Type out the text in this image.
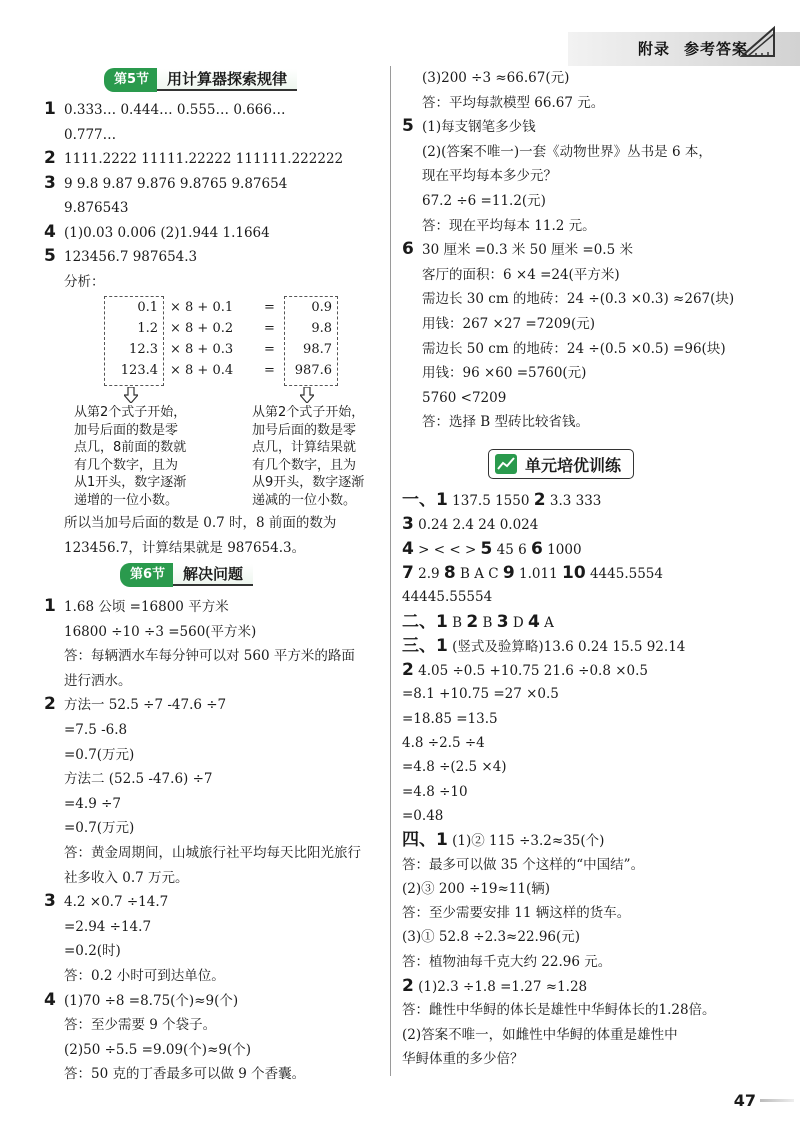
附录 参考答案
第5节	用计算器探索规律
1 0.333… 0.444… 0.555… 0.666…
0.777…
2 1111.2222 11111.22222 111111.222222
3 9 9.8 9.87 9.876 9.8765 9.87654
9.876543
4 (1)0.03 0.006 (2)1.944 1.1664
5 123456.7 987654.3
分析：
0.1 × 8 + 0.1 =	0.9
1.2 × 8 + 0.2 =	9.8
12.3 × 8 + 0.3 =	98.7
123.4 × 8 + 0.4 =	987.6
从第2个式子开始，
加号后面的数是零
点几，8前面的数就
有几个数字，且为
从1开头，数字逐渐
递增的一位小数。
从第2个式子开始，
加号后面的数是零
点几，计算结果就
有几个数字，且为
从9开头，数字逐渐
递减的一位小数。
所以当加号后面的数是 0.7 时，8 前面的数为
123456.7，计算结果就是 987654.3。
第6节	解决问题
1 1.68 公顷 =16800 平方米
16800 ÷10 ÷3 =560(平方米)
答：每辆洒水车每分钟可以对 560 平方米的路面
进行洒水。
2 方法一 52.5 ÷7 -47.6 ÷7
=7.5 -6.8
=0.7(万元)
方法二 (52.5 -47.6) ÷7
=4.9 ÷7
=0.7(万元)
答：黄金周期间，山城旅行社平均每天比阳光旅行
社多收入 0.7 万元。
3 4.2 ×0.7 ÷14.7
=2.94 ÷14.7
=0.2(时)
答：0.2 小时可到达单位。
4 (1)70 ÷8 =8.75(个)≈9(个)
答：至少需要 9 个袋子。
(2)50 ÷5.5 =9.09(个)≈9(个)
答：50 克的丁香最多可以做 9 个香囊。
(3)200 ÷3 ≈66.67(元)
答：平均每款模型 66.67 元。
5 (1)每支钢笔多少钱
(2)(答案不唯一)一套《动物世界》丛书是 6 本，
现在平均每本多少元？
67.2 ÷6 =11.2(元)
答：现在平均每本 11.2 元。
6 30 厘米 =0.3 米 50 厘米 =0.5 米
客厅的面积：6 ×4 =24(平方米)
需边长 30 cm 的地砖：24 ÷(0.3 ×0.3) ≈267(块)
用钱：267 ×27 =7209(元)
需边长 50 cm 的地砖：24 ÷(0.5 ×0.5) =96(块)
用钱：96 ×60 =5760(元)
5760 <7209
答：选择 B 型砖比较省钱。
单元培优训练
一、1 137.5 1550 2 3.3 333
3 0.24 2.4 24 0.024
4 > < < > 5 45 6 6 1000
7 2.9 8 B A C 9 1.011 10 4445.5554
44445.55554
二、1 B 2 B 3 D 4 A
三、1 (竖式及验算略)13.6 0.24 15.5 92.14
2 4.05 ÷0.5 +10.75 21.6 ÷0.8 ×0.5
=8.1 +10.75 =27 ×0.5
=18.85 =13.5
4.8 ÷2.5 ÷4
=4.8 ÷(2.5 ×4)
=4.8 ÷10
=0.48
四、1 (1)② 115 ÷3.2≈35(个)
答：最多可以做 35 个这样的“中国结”。
(2)③ 200 ÷19≈11(辆)
答：至少需要安排 11 辆这样的货车。
(3)① 52.8 ÷2.3≈22.96(元)
答：植物油每千克大约 22.96 元。
2 (1)2.3 ÷1.8 =1.27 ≈1.28
答：雌性中华鲟的体长是雄性中华鲟体长的1.28倍。
(2)答案不唯一，如雌性中华鲟的体重是雄性中
华鲟体重的多少倍？
47
